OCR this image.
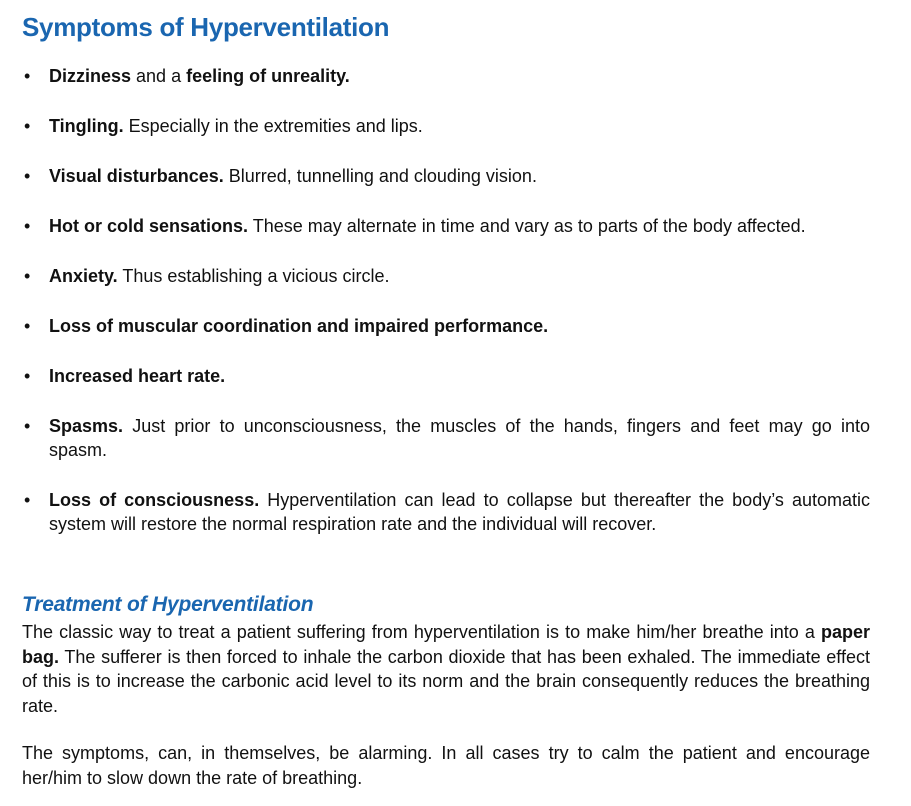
Symptoms of Hyperventilation
• Dizziness and a feeling of unreality.
• Tingling. Especially in the extremities and lips.
• Visual disturbances. Blurred, tunnelling and clouding vision.
• Hot or cold sensations. These may alternate in time and vary as to parts of the body affected.
• Anxiety. Thus establishing a vicious circle.
• Loss of muscular coordination and impaired performance.
• Increased heart rate.
• Spasms. Just prior to unconsciousness, the muscles of the hands, fingers and feet may go into spasm.
• Loss of consciousness. Hyperventilation can lead to collapse but thereafter the body’s automatic system will restore the normal respiration rate and the individual will recover.
Treatment of Hyperventilation

The classic way to treat a patient suffering from hyperventilation is to make him/her breathe into a paper bag. The sufferer is then forced to inhale the carbon dioxide that has been exhaled. The immediate effect of this is to increase the carbonic acid level to its norm and the brain consequently reduces the breathing rate.

The symptoms, can, in themselves, be alarming. In all cases try to calm the patient and encourage her/him to slow down the rate of breathing.
